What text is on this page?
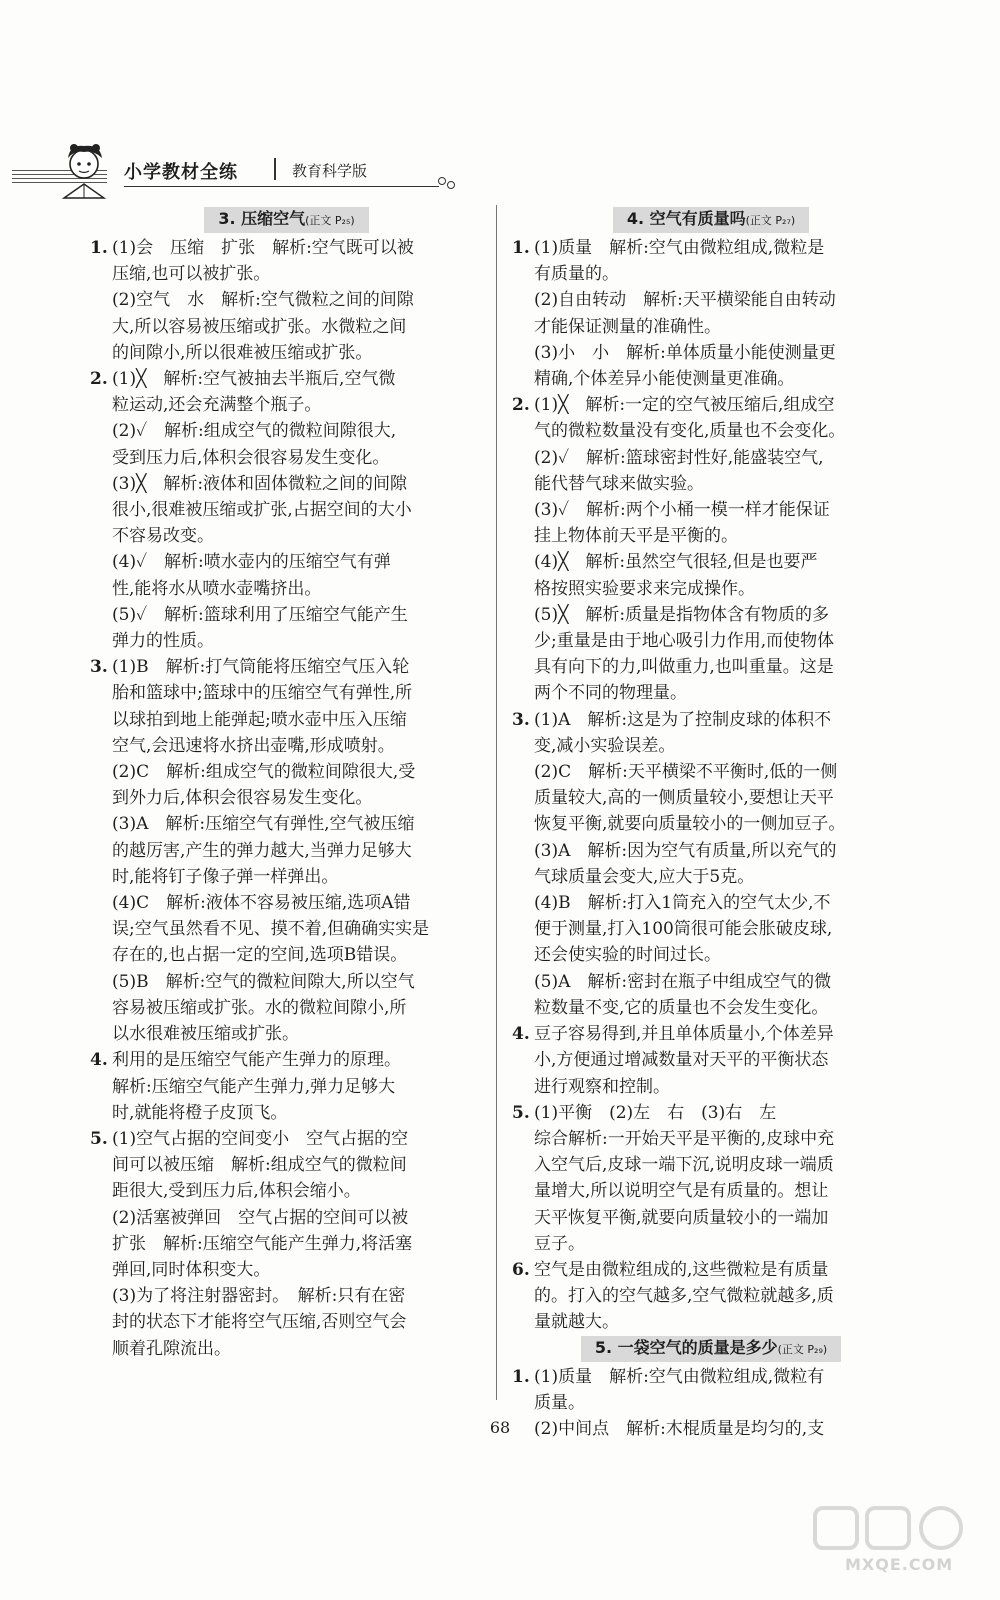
小学教材全练	教育科学版
3. 压缩空气(正文 P₂₅)
1. (1)会　压缩　扩张　解析:空气既可以被
压缩,也可以被扩张。
(2)空气　水　解析:空气微粒之间的间隙
大,所以容易被压缩或扩张。水微粒之间
的间隙小,所以很难被压缩或扩张。
2. (1)╳　解析:空气被抽去半瓶后,空气微
粒运动,还会充满整个瓶子。
(2)✓　解析:组成空气的微粒间隙很大,
受到压力后,体积会很容易发生变化。
(3)╳　解析:液体和固体微粒之间的间隙
很小,很难被压缩或扩张,占据空间的大小
不容易改变。
(4)✓　解析:喷水壶内的压缩空气有弹
性,能将水从喷水壶嘴挤出。
(5)✓　解析:篮球利用了压缩空气能产生
弹力的性质。
3. (1)B　解析:打气筒能将压缩空气压入轮
胎和篮球中;篮球中的压缩空气有弹性,所
以球拍到地上能弹起;喷水壶中压入压缩
空气,会迅速将水挤出壶嘴,形成喷射。
(2)C　解析:组成空气的微粒间隙很大,受
到外力后,体积会很容易发生变化。
(3)A　解析:压缩空气有弹性,空气被压缩
的越厉害,产生的弹力越大,当弹力足够大
时,能将钉子像子弹一样弹出。
(4)C　解析:液体不容易被压缩,选项A错
误;空气虽然看不见、摸不着,但确确实实是
存在的,也占据一定的空间,选项B错误。
(5)B　解析:空气的微粒间隙大,所以空气
容易被压缩或扩张。水的微粒间隙小,所
以水很难被压缩或扩张。
4. 利用的是压缩空气能产生弹力的原理。
解析:压缩空气能产生弹力,弹力足够大
时,就能将橙子皮顶飞。
5. (1)空气占据的空间变小　空气占据的空
间可以被压缩　解析:组成空气的微粒间
距很大,受到压力后,体积会缩小。
(2)活塞被弹回　空气占据的空间可以被
扩张　解析:压缩空气能产生弹力,将活塞
弹回,同时体积变大。
(3)为了将注射器密封。　解析:只有在密
封的状态下才能将空气压缩,否则空气会
顺着孔隙流出。
4. 空气有质量吗(正文 P₂₇)
1. (1)质量　解析:空气由微粒组成,微粒是
有质量的。
(2)自由转动　解析:天平横梁能自由转动
才能保证测量的准确性。
(3)小　小　解析:单体质量小能使测量更
精确,个体差异小能使测量更准确。
2. (1)╳　解析:一定的空气被压缩后,组成空
气的微粒数量没有变化,质量也不会变化。
(2)✓　解析:篮球密封性好,能盛装空气,
能代替气球来做实验。
(3)✓　解析:两个小桶一模一样才能保证
挂上物体前天平是平衡的。
(4)╳　解析:虽然空气很轻,但是也要严
格按照实验要求来完成操作。
(5)╳　解析:质量是指物体含有物质的多
少;重量是由于地心吸引力作用,而使物体
具有向下的力,叫做重力,也叫重量。这是
两个不同的物理量。
3. (1)A　解析:这是为了控制皮球的体积不
变,减小实验误差。
(2)C　解析:天平横梁不平衡时,低的一侧
质量较大,高的一侧质量较小,要想让天平
恢复平衡,就要向质量较小的一侧加豆子。
(3)A　解析:因为空气有质量,所以充气的
气球质量会变大,应大于5克。
(4)B　解析:打入1筒充入的空气太少,不
便于测量,打入100筒很可能会胀破皮球,
还会使实验的时间过长。
(5)A　解析:密封在瓶子中组成空气的微
粒数量不变,它的质量也不会发生变化。
4. 豆子容易得到,并且单体质量小,个体差异
小,方便通过增减数量对天平的平衡状态
进行观察和控制。
5. (1)平衡　(2)左　右　(3)右　左
综合解析:一开始天平是平衡的,皮球中充
入空气后,皮球一端下沉,说明皮球一端质
量增大,所以说明空气是有质量的。想让
天平恢复平衡,就要向质量较小的一端加
豆子。
6. 空气是由微粒组成的,这些微粒是有质量
的。打入的空气越多,空气微粒就越多,质
量就越大。
5. 一袋空气的质量是多少(正文 P₂₉)
1. (1)质量　解析:空气由微粒组成,微粒有
质量。
(2)中间点　解析:木棍质量是均匀的,支
68
MXQE.COM
